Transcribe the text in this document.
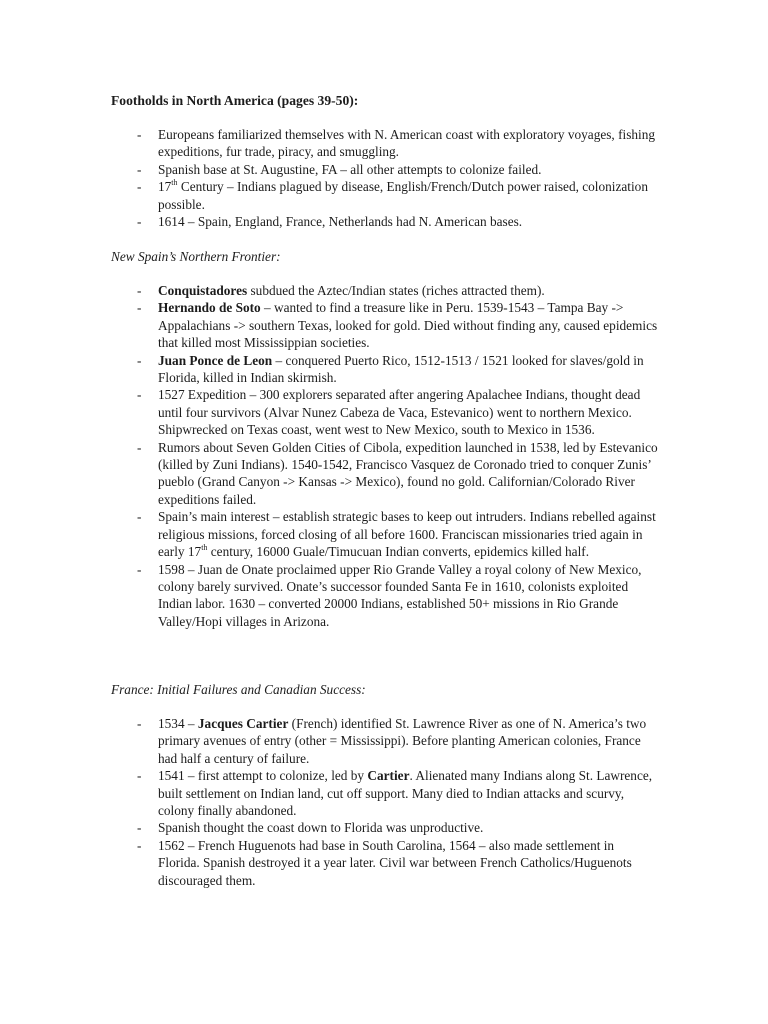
Footholds in North America (pages 39-50):
- Europeans familiarized themselves with N. American coast with exploratory voyages, fishing expeditions, fur trade, piracy, and smuggling.
- Spanish base at St. Augustine, FA – all other attempts to colonize failed.
- 17th Century – Indians plagued by disease, English/French/Dutch power raised, colonization possible.
- 1614 – Spain, England, France, Netherlands had N. American bases.
New Spain’s Northern Frontier:
- Conquistadores subdued the Aztec/Indian states (riches attracted them).
- Hernando de Soto – wanted to find a treasure like in Peru. 1539-1543 – Tampa Bay -> Appalachians -> southern Texas, looked for gold. Died without finding any, caused epidemics that killed most Mississippian societies.
- Juan Ponce de Leon – conquered Puerto Rico, 1512-1513 / 1521 looked for slaves/gold in Florida, killed in Indian skirmish.
- 1527 Expedition – 300 explorers separated after angering Apalachee Indians, thought dead until four survivors (Alvar Nunez Cabeza de Vaca, Estevanico) went to northern Mexico. Shipwrecked on Texas coast, went west to New Mexico, south to Mexico in 1536.
- Rumors about Seven Golden Cities of Cibola, expedition launched in 1538, led by Estevanico (killed by Zuni Indians). 1540-1542, Francisco Vasquez de Coronado tried to conquer Zunis’ pueblo (Grand Canyon -> Kansas -> Mexico), found no gold. Californian/Colorado River expeditions failed.
- Spain’s main interest – establish strategic bases to keep out intruders. Indians rebelled against religious missions, forced closing of all before 1600. Franciscan missionaries tried again in early 17th century, 16000 Guale/Timucuan Indian converts, epidemics killed half.
- 1598 – Juan de Onate proclaimed upper Rio Grande Valley a royal colony of New Mexico, colony barely survived. Onate’s successor founded Santa Fe in 1610, colonists exploited Indian labor. 1630 – converted 20000 Indians, established 50+ missions in Rio Grande Valley/Hopi villages in Arizona.
France: Initial Failures and Canadian Success:
- 1534 – Jacques Cartier (French) identified St. Lawrence River as one of N. America’s two primary avenues of entry (other = Mississippi). Before planting American colonies, France had half a century of failure.
- 1541 – first attempt to colonize, led by Cartier. Alienated many Indians along St. Lawrence, built settlement on Indian land, cut off support. Many died to Indian attacks and scurvy, colony finally abandoned.
- Spanish thought the coast down to Florida was unproductive.
- 1562 – French Huguenots had base in South Carolina, 1564 – also made settlement in Florida. Spanish destroyed it a year later. Civil war between French Catholics/Huguenots discouraged them.
